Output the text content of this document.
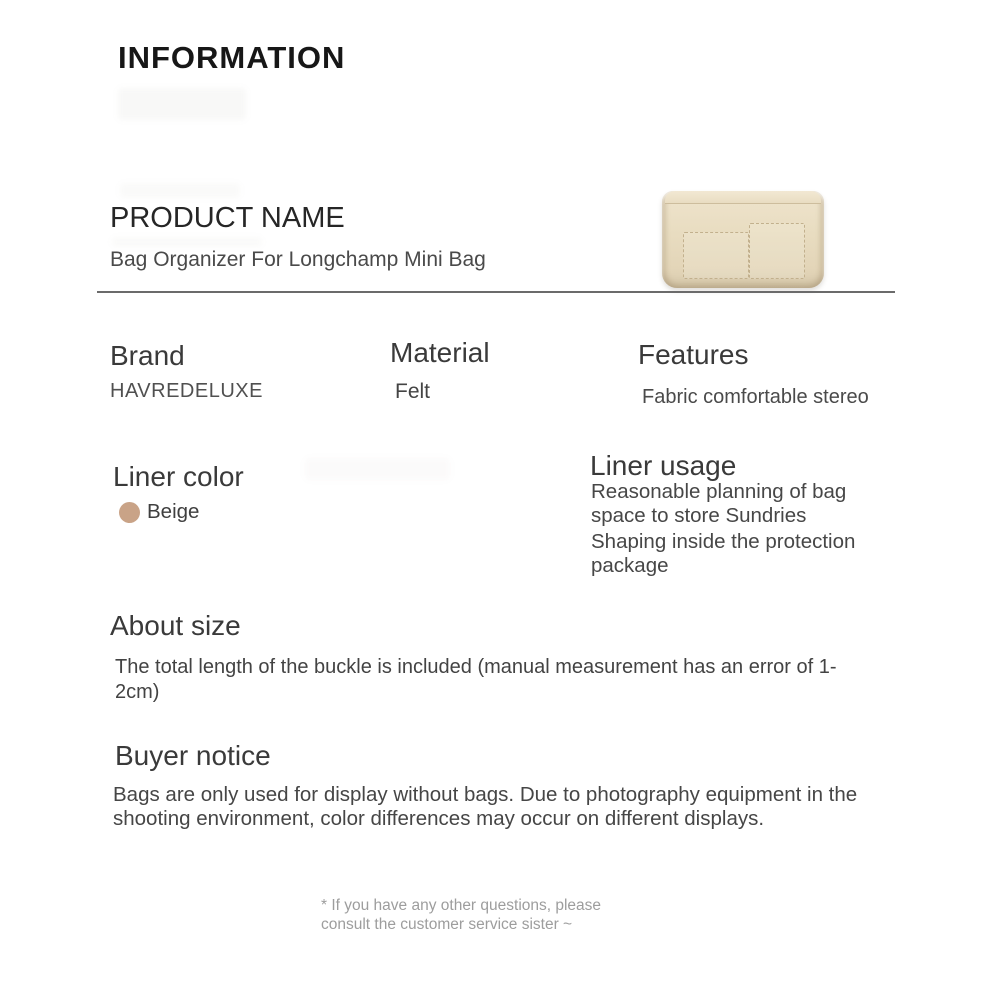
INFORMATION
PRODUCT NAME
Bag Organizer For Longchamp Mini Bag
Brand
HAVREDELUXE
Material
Felt
Features
Fabric comfortable stereo
Liner color
Beige
Liner usage
Reasonable planning of bag space to store Sundries
Shaping inside the protection package
About size
The total length of the buckle is included (manual measurement has an error of 1-2cm)
Buyer notice
Bags are only used for display without bags. Due to photography equipment in the shooting environment, color differences may occur on different displays.
* If you have any other questions, please consult the customer service sister ~
